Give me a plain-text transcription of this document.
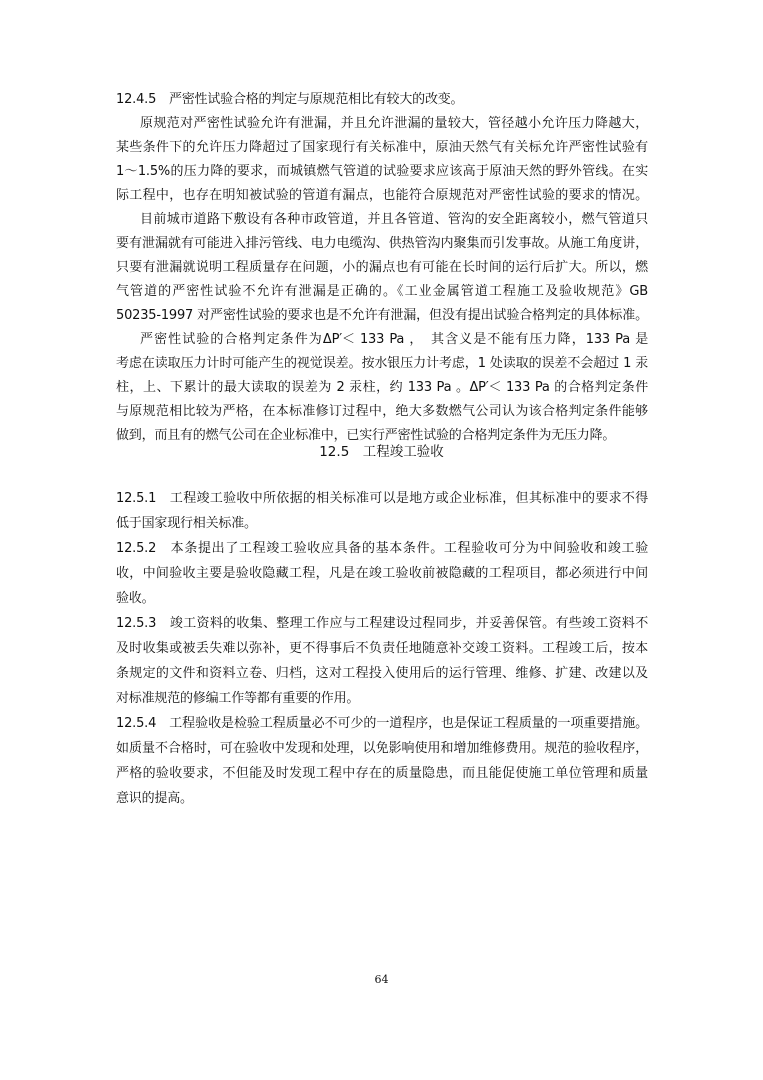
12.4.5　严密性试验合格的判定与原规范相比有较大的改变。
原规范对严密性试验允许有泄漏，并且允许泄漏的量较大，管径越小允许压力降越大，
某些条件下的允许压力降超过了国家现行有关标准中，原油天然气有关标允许严密性试验有
1～1.5%的压力降的要求，而城镇燃气管道的试验要求应该高于原油天然的野外管线。在实
际工程中，也存在明知被试验的管道有漏点，也能符合原规范对严密性试验的要求的情况。
目前城市道路下敷设有各种市政管道，并且各管道、管沟的安全距离较小，燃气管道只
要有泄漏就有可能进入排污管线、电力电缆沟、供热管沟内聚集而引发事故。从施工角度讲，
只要有泄漏就说明工程质量存在问题，小的漏点也有可能在长时间的运行后扩大。所以，燃
气管道的严密性试验不允许有泄漏是正确的。《工业金属管道工程施工及验收规范》GB
50235-1997 对严密性试验的要求也是不允许有泄漏，但没有提出试验合格判定的具体标准。
严密性试验的合格判定条件为ΔP′＜ 133 Pa ，　其含义是不能有压力降，133 Pa 是
考虑在读取压力计时可能产生的视觉误差。按水银压力计考虑，1 处读取的误差不会超过 1 汞
柱，上、下累计的最大读取的误差为 2 汞柱，约 133 Pa 。ΔP′＜ 133 Pa 的合格判定条件
与原规范相比较为严格，在本标准修订过程中，绝大多数燃气公司认为该合格判定条件能够
做到，而且有的燃气公司在企业标准中，已实行严密性试验的合格判定条件为无压力降。
12.5　工程竣工验收
12.5.1　工程竣工验收中所依据的相关标准可以是地方或企业标准，但其标准中的要求不得
低于国家现行相关标准。
12.5.2　本条提出了工程竣工验收应具备的基本条件。工程验收可分为中间验收和竣工验
收，中间验收主要是验收隐藏工程，凡是在竣工验收前被隐藏的工程项目，都必须进行中间
验收。
12.5.3　竣工资料的收集、整理工作应与工程建设过程同步，并妥善保管。有些竣工资料不
及时收集或被丢失难以弥补，更不得事后不负责任地随意补交竣工资料。工程竣工后，按本
条规定的文件和资料立卷、归档，这对工程投入使用后的运行管理、维修、扩建、改建以及
对标准规范的修编工作等都有重要的作用。
12.5.4　工程验收是检验工程质量必不可少的一道程序，也是保证工程质量的一项重要措施。
如质量不合格时，可在验收中发现和处理，以免影响使用和增加维修费用。规范的验收程序，
严格的验收要求，不但能及时发现工程中存在的质量隐患，而且能促使施工单位管理和质量
意识的提高。
64
